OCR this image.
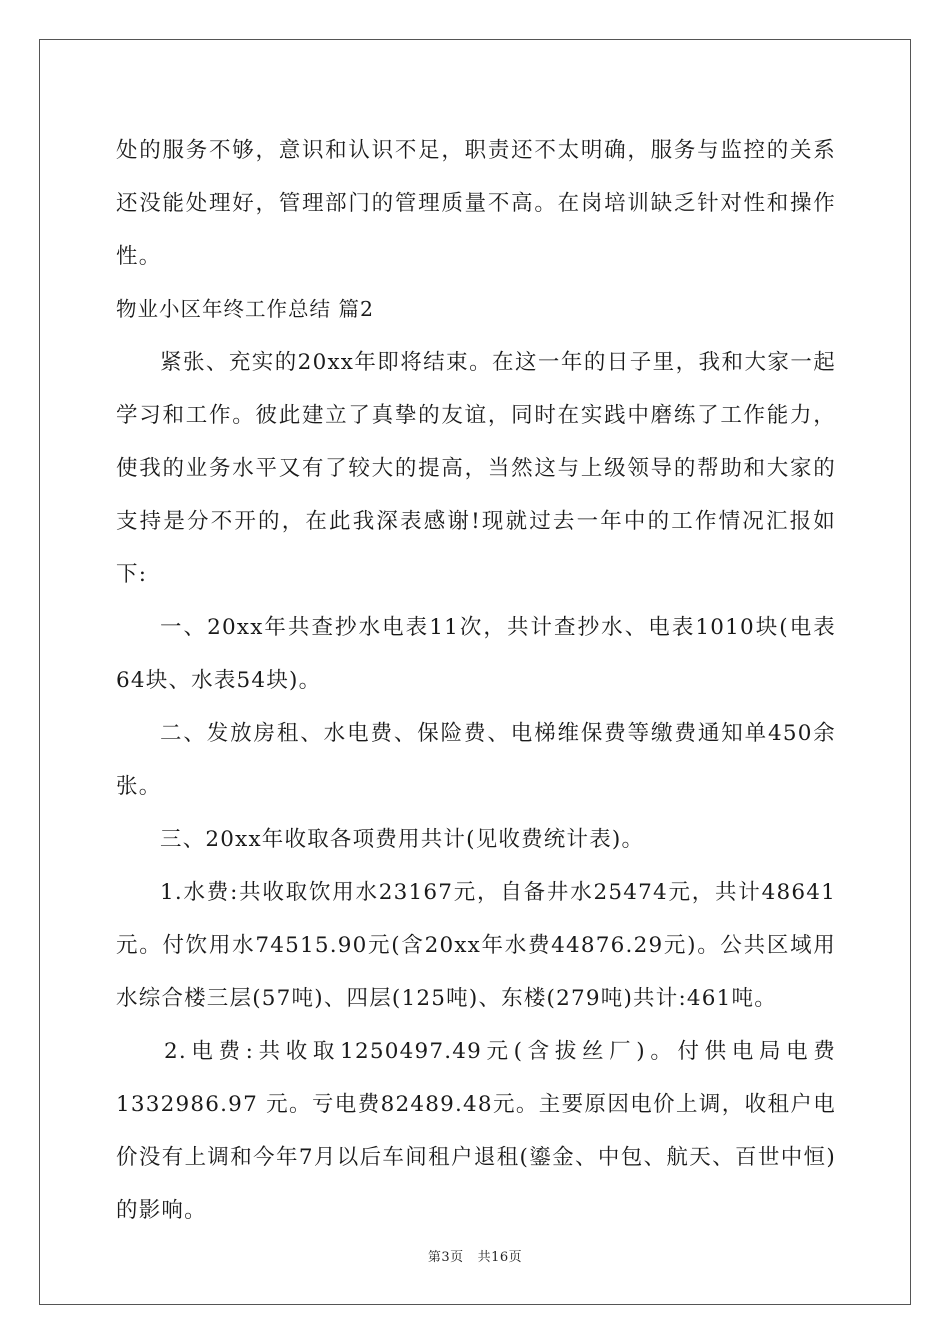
处的服务不够，意识和认识不足，职责还不太明确，服务与监控的关系还没能处理好，管理部门的管理质量不高。在岗培训缺乏针对性和操作性。

物业小区年终工作总结 篇2

紧张、充实的20xx年即将结束。在这一年的日子里，我和大家一起学习和工作。彼此建立了真挚的友谊，同时在实践中磨练了工作能力，使我的业务水平又有了较大的提高，当然这与上级领导的帮助和大家的支持是分不开的，在此我深表感谢!现就过去一年中的工作情况汇报如下:

一、20xx年共查抄水电表11次，共计查抄水、电表1010块(电表64块、水表54块)。

二、发放房租、水电费、保险费、电梯维保费等缴费通知单450余张。

三、20xx年收取各项费用共计(见收费统计表)。

1.水费:共收取饮用水23167元，自备井水25474元，共计48641元。付饮用水74515.90元(含20xx年水费44876.29元)。公共区域用水综合楼三层(57吨)、四层(125吨)、东楼(279吨)共计:461吨。

2.电费:共收取1250497.49元(含拔丝厂)。付供电局电费1332986.97 元。亏电费82489.48元。主要原因电价上调，收租户电价没有上调和今年7月以后车间租户退租(鎏金、中包、航天、百世中恒)的影响。

第3页 共16页
